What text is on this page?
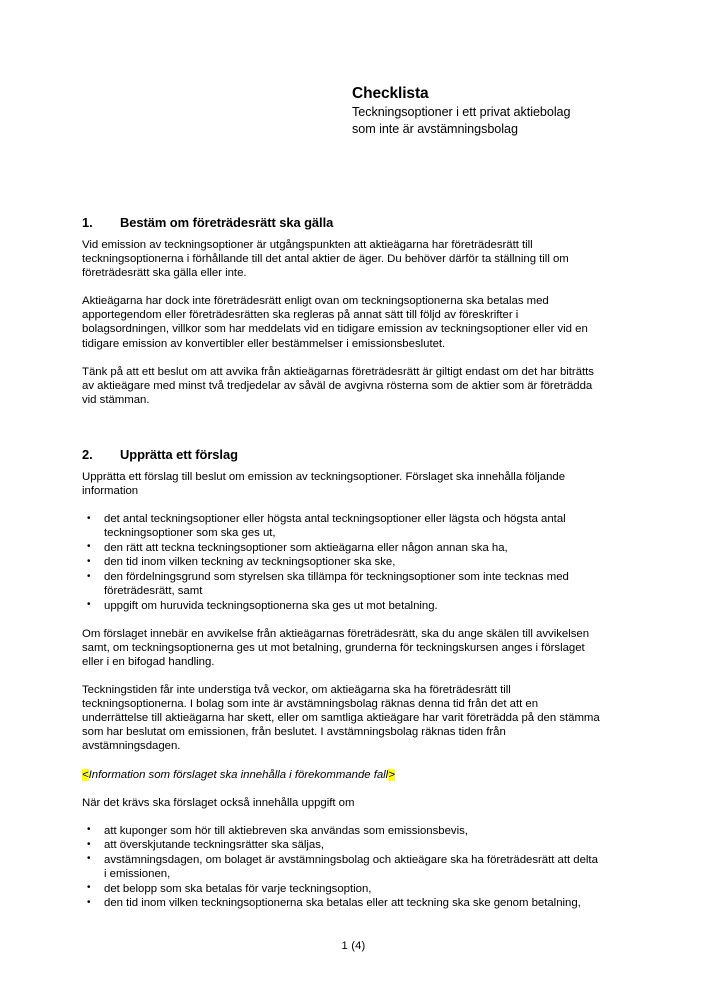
Checklista
Teckningsoptioner i ett privat aktiebolag
som inte är avstämningsbolag
1. Bestäm om företrädesrätt ska gälla

Vid emission av teckningsoptioner är utgångspunkten att aktieägarna har företrädesrätt till teckningsoptionerna i förhållande till det antal aktier de äger. Du behöver därför ta ställning till om företrädesrätt ska gälla eller inte.

Aktieägarna har dock inte företrädesrätt enligt ovan om teckningsoptionerna ska betalas med apportegendom eller företrädesrätten ska regleras på annat sätt till följd av föreskrifter i bolagsordningen, villkor som har meddelats vid en tidigare emission av teckningsoptioner eller vid en tidigare emission av konvertibler eller bestämmelser i emissionsbeslutet.

Tänk på att ett beslut om att avvika från aktieägarnas företrädesrätt är giltigt endast om det har biträtts av aktieägare med minst två tredjedelar av såväl de avgivna rösterna som de aktier som är företrädda vid stämman.

2. Upprätta ett förslag

Upprätta ett förslag till beslut om emission av teckningsoptioner. Förslaget ska innehålla följande information

• det antal teckningsoptioner eller högsta antal teckningsoptioner eller lägsta och högsta antal teckningsoptioner som ska ges ut,
• den rätt att teckna teckningsoptioner som aktieägarna eller någon annan ska ha,
• den tid inom vilken teckning av teckningsoptioner ska ske,
• den fördelningsgrund som styrelsen ska tillämpa för teckningsoptioner som inte tecknas med företrädesrätt, samt
• uppgift om huruvida teckningsoptionerna ska ges ut mot betalning.

Om förslaget innebär en avvikelse från aktieägarnas företrädesrätt, ska du ange skälen till avvikelsen samt, om teckningsoptionerna ges ut mot betalning, grunderna för teckningskursen anges i förslaget eller i en bifogad handling.

Teckningstiden får inte understiga två veckor, om aktieägarna ska ha företrädesrätt till teckningsoptionerna. I bolag som inte är avstämningsbolag räknas denna tid från det att en underrättelse till aktieägarna har skett, eller om samtliga aktieägare har varit företrädda på den stämma som har beslutat om emissionen, från beslutet. I avstämningsbolag räknas tiden från avstämningsdagen.

<Information som förslaget ska innehålla i förekommande fall>

När det krävs ska förslaget också innehålla uppgift om

• att kuponger som hör till aktiebreven ska användas som emissionsbevis,
• att överskjutande teckningsrätter ska säljas,
• avstämningsdagen, om bolaget är avstämningsbolag och aktieägare ska ha företrädesrätt att delta i emissionen,
• det belopp som ska betalas för varje teckningsoption,
• den tid inom vilken teckningsoptionerna ska betalas eller att teckning ska ske genom betalning,
1 (4)
